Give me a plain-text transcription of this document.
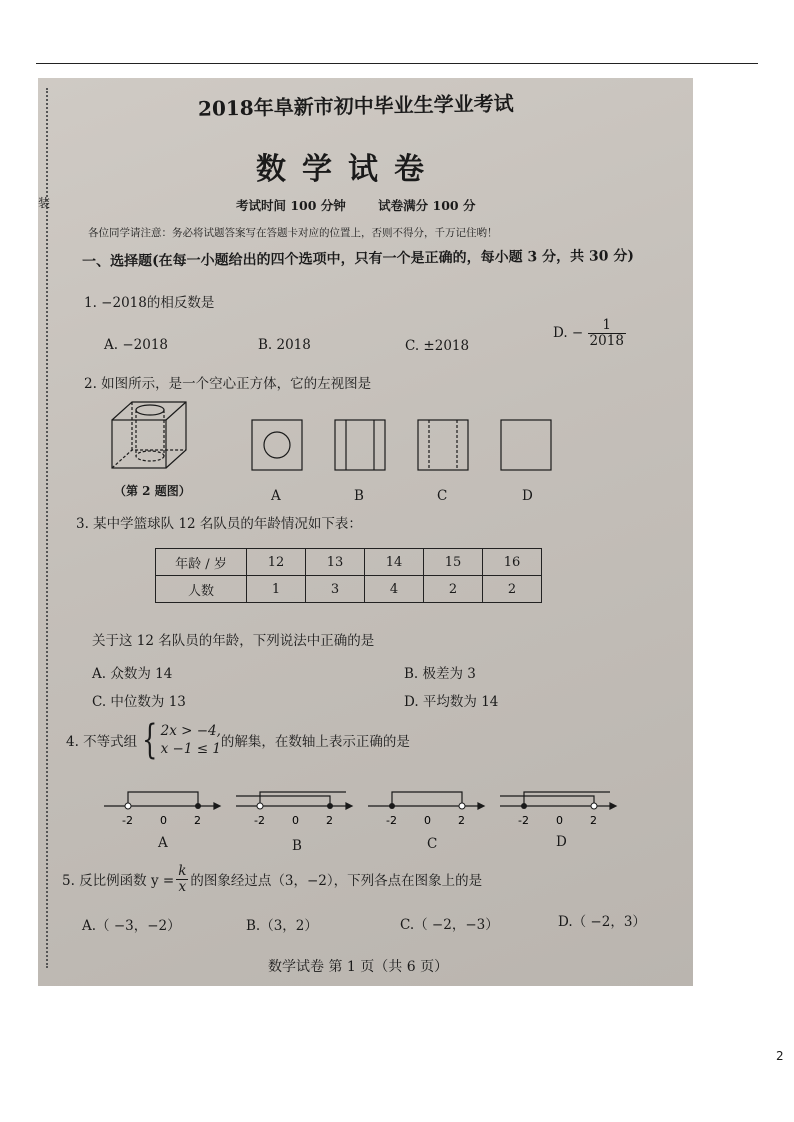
装
2018年阜新市初中毕业生学业考试
数学试卷
考试时间 100 分钟	试卷满分 100 分
各位同学请注意：务必将试题答案写在答题卡对应的位置上，否则不得分，千万记住哟！
一、选择题(在每一小题给出的四个选项中，只有一个是正确的，每小题 3 分，共 30 分)
1. −2018的相反数是
A. −2018	B. 2018	C. ±2018
D. − $\frac{1}{2018}$
2. 如图所示，是一个空心正方体，它的左视图是
（第 2 题图）	A	B	C	D
3. 某中学篮球队 12 名队员的年龄情况如下表：
年龄 / 岁	12	13	14	15	16
人数	1	3	4	2	2
关于这 12 名队员的年龄，下列说法中正确的是
A. 众数为 14	B. 极差为 3
C. 中位数为 13	D. 平均数为 14
4. 不等式组 { 2x > −4,
x −1 ≤ 1 的解集，在数轴上表示正确的是
-2 0 2	-2 0 2	-2 0 2	-2 0 2
A	B	C	D
5. 反比例函数 $y = \frac{k}{x}$ 的图象经过点（3，−2），下列各点在图象上的是
A.（ −3，−2）	B.（3，2）	C.（ −2，−3）	D.（ −2，3）
数学试卷 第 1 页（共 6 页）
2
